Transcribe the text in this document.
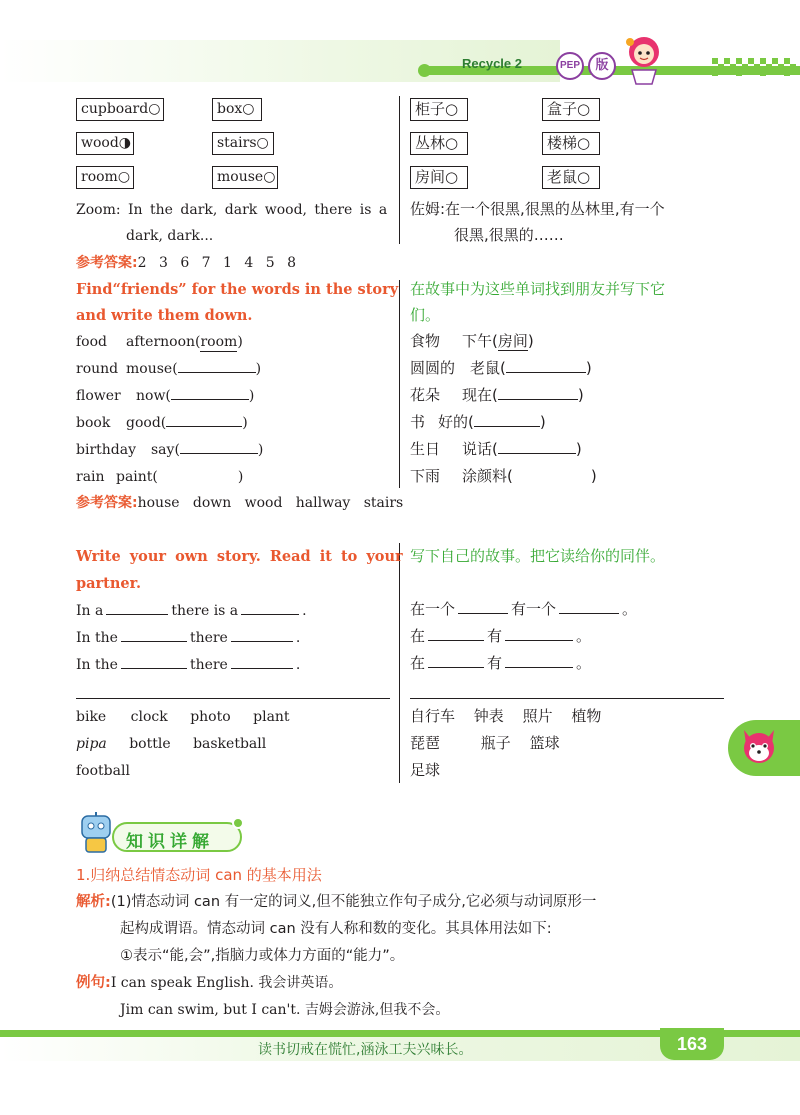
Recycle 2	PEP	版
cupboard○	box○
wood◑	stairs○
room○	mouse○
柜子○	盒子○
丛林○	楼梯○
房间○	老鼠○
Zoom: In the dark, dark wood, there is a
dark, dark...
佐姆:在一个很黑,很黑的丛林里,有一个
很黑,很黑的……
参考答案:2 3 6 7 1 4 5 8
Find“friends” for the words in the story
and write them down.
在故事中为这些单词找到朋友并写下它
们。
food afternoon(room)	食物 下午(房间)
round mouse(	)	圆圆的 老鼠(	)
flower now(	)	花朵 现在(	)
book good(	)	书 好的(	)
birthday say(	)	生日 说话(	)
rain paint(	)	下雨 涂颜料(	)
参考答案:house   down   wood   hallway   stairs
Write your own story. Read it to your
partner.
写下自己的故事。把它读给你的同伴。
In a	there is a	.
In the	there	.
In the	there	.
在一个	有一个	。
在	有	。
在	有	。
bike clock photo plant
pipa bottle basketball
football
自行车 钟表 照片 植物
琵琶	瓶子 篮球
足球
知识详解
1.归纳总结情态动词 can 的基本用法
解析:(1)情态动词 can 有一定的词义,但不能独立作句子成分,它必须与动词原形一
起构成谓语。情态动词 can 没有人称和数的变化。其具体用法如下:
①表示“能,会”,指脑力或体力方面的“能力”。
例句:I can speak English. 我会讲英语。
Jim can swim, but I can't. 吉姆会游泳,但我不会。
读书切戒在慌忙,涵泳工夫兴味长。	163
